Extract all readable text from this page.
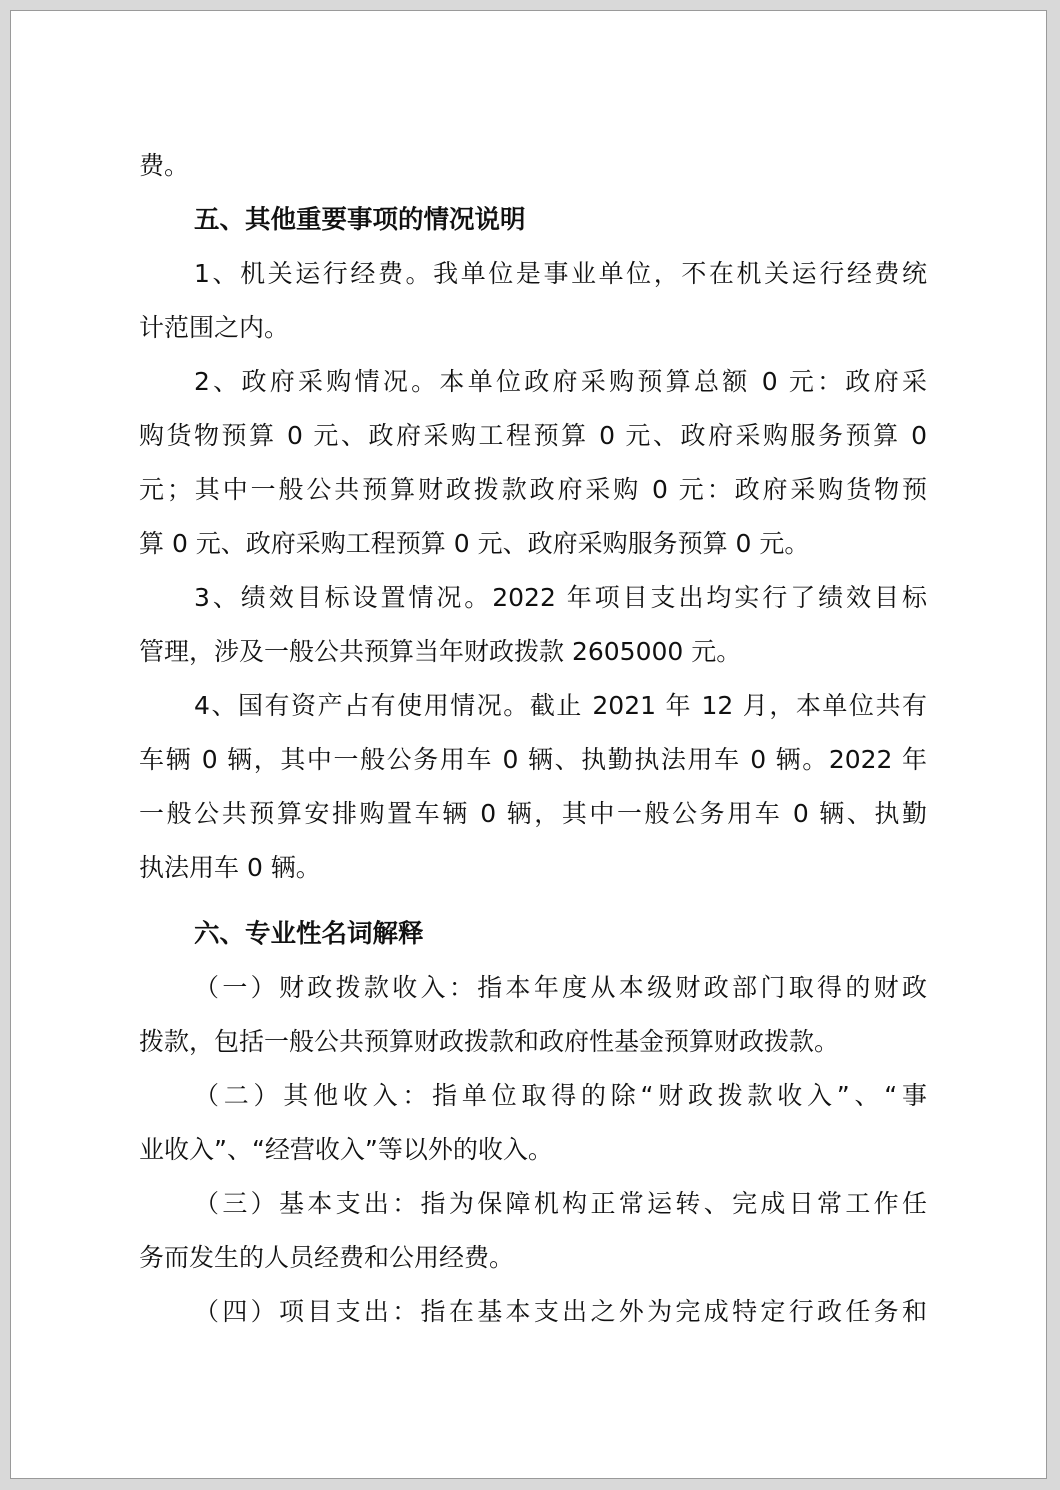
费。
五、其他重要事项的情况说明
1、机关运行经费。我单位是事业单位，不在机关运行经费统
计范围之内。
2、政府采购情况。本单位政府采购预算总额 0 元：政府采
购货物预算 0 元、政府采购工程预算 0 元、政府采购服务预算 0
元；其中一般公共预算财政拨款政府采购 0 元：政府采购货物预
算 0 元、政府采购工程预算 0 元、政府采购服务预算 0 元。
3、绩效目标设置情况。2022 年项目支出均实行了绩效目标
管理，涉及一般公共预算当年财政拨款 2605000 元。
4、国有资产占有使用情况。截止 2021 年 12 月，本单位共有
车辆 0 辆，其中一般公务用车 0 辆、执勤执法用车 0 辆。2022 年
一般公共预算安排购置车辆 0 辆，其中一般公务用车 0 辆、执勤
执法用车 0 辆。
六、专业性名词解释
（一）财政拨款收入：指本年度从本级财政部门取得的财政
拨款，包括一般公共预算财政拨款和政府性基金预算财政拨款。
（二）其他收入：指单位取得的除“财政拨款收入”、“事
业收入”、“经营收入”等以外的收入。
（三）基本支出：指为保障机构正常运转、完成日常工作任
务而发生的人员经费和公用经费。
（四）项目支出：指在基本支出之外为完成特定行政任务和
